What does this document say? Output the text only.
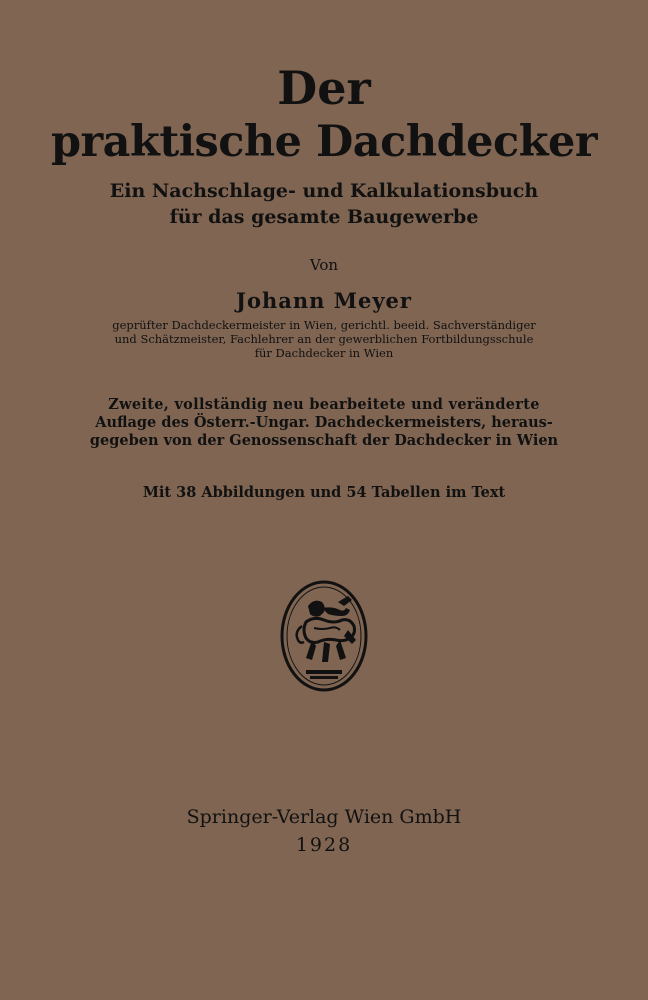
Der
praktische Dachdecker

Ein Nachschlage- und Kalkulationsbuch

für das gesamte Baugewerbe

Von

Johann Meyer

geprüfter Dachdeckermeister in Wien, gerichtl. beeid. Sachverständiger

und Schätzmeister, Fachlehrer an der gewerblichen Fortbildungsschule

für Dachdecker in Wien

Zweite, vollständig neu bearbeitete und veränderte

Auflage des Österr.-Ungar. Dachdeckermeisters, heraus-

gegeben von der Genossenschaft der Dachdecker in Wien

Mit 38 Abbildungen und 54 Tabellen im Text

Springer-Verlag Wien GmbH

1928
